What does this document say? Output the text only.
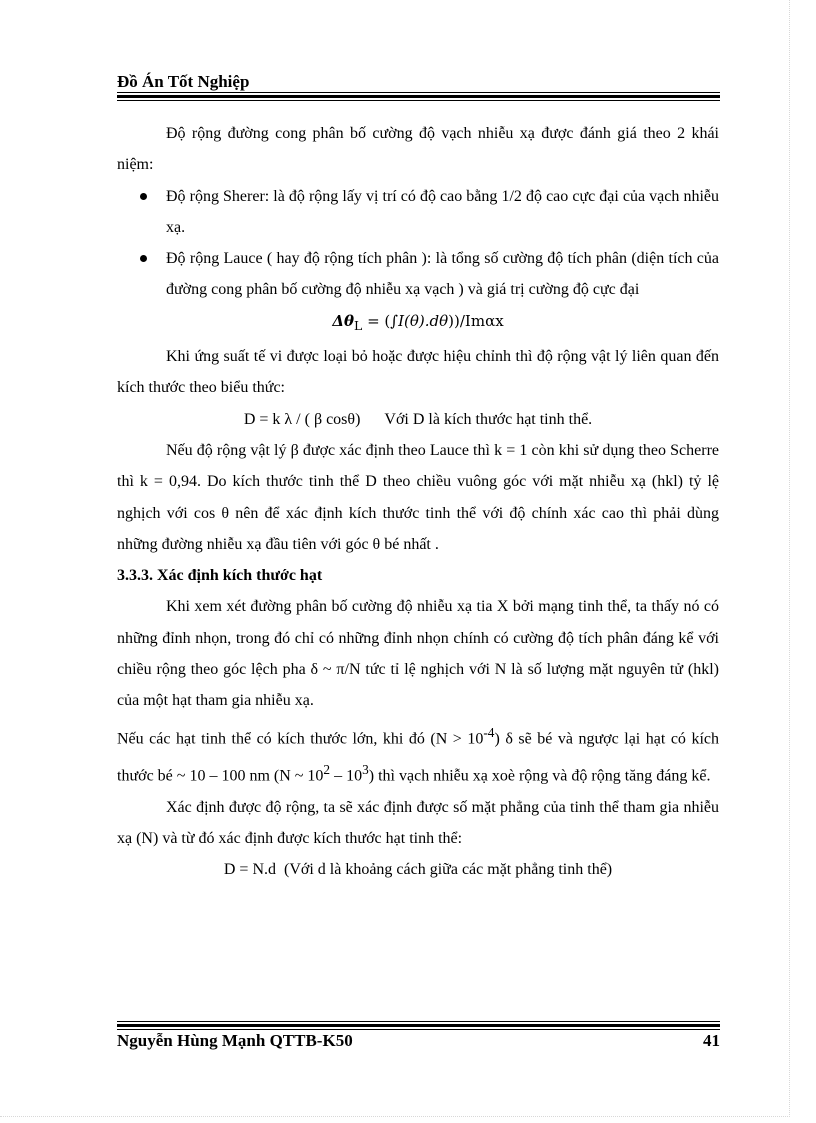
Đồ Án Tốt Nghiệp

Độ rộng đường cong phân bố cường độ vạch nhiễu xạ được đánh giá theo 2 khái niệm:

Độ rộng Sherer: là độ rộng lấy vị trí có độ cao bằng 1/2 độ cao cực đại của vạch nhiễu xạ.
Độ rộng Lauce ( hay độ rộng tích phân ): là tổng số cường độ tích phân (diện tích của đường cong phân bố cường độ nhiễu xạ vạch ) và giá trị cường độ cực đại

$\Delta\theta_L = (\int I(\theta).d\theta))/Im\alpha x$

Khi ứng suất tế vi được loại bỏ hoặc được hiệu chỉnh thì độ rộng vật lý liên quan đến kích thước theo biểu thức:

D = k λ / ( β cosθ)      Với D là kích thước hạt tinh thể.

Nếu độ rộng vật lý β được xác định theo Lauce thì k = 1 còn khi sử dụng theo Scherre thì k = 0,94. Do kích thước tinh thể D theo chiều vuông góc với mặt nhiễu xạ (hkl) tỷ lệ nghịch với cos θ nên để xác định kích thước tinh thể với độ chính xác cao thì phải dùng những đường nhiễu xạ đầu tiên với góc θ bé nhất .

3.3.3. Xác định kích thước hạt

Khi xem xét đường phân bố cường độ nhiễu xạ tia X bởi mạng tinh thể, ta thấy nó có những đỉnh nhọn, trong đó chỉ có những đỉnh nhọn chính có cường độ tích phân đáng kể với chiều rộng theo góc lệch pha δ ~ π/N tức tỉ lệ nghịch với N là số lượng mặt nguyên tử (hkl) của một hạt tham gia nhiễu xạ.

Nếu các hạt tinh thể có kích thước lớn, khi đó $(N > 10^{-4})$ δ sẽ bé và ngược lại hạt có kích thước bé ~ 10 – 100 nm (N ~ $10^2 - 10^3$) thì vạch nhiễu xạ xoè rộng và độ rộng tăng đáng kể.

Xác định được độ rộng, ta sẽ xác định được số mặt phẳng của tinh thể tham gia nhiễu xạ (N) và từ đó xác định được kích thước hạt tinh thể:

D = N.d  (Với d là khoảng cách giữa các mặt phẳng tinh thể)

Nguyễn Hùng Mạnh QTTB-K50	41
